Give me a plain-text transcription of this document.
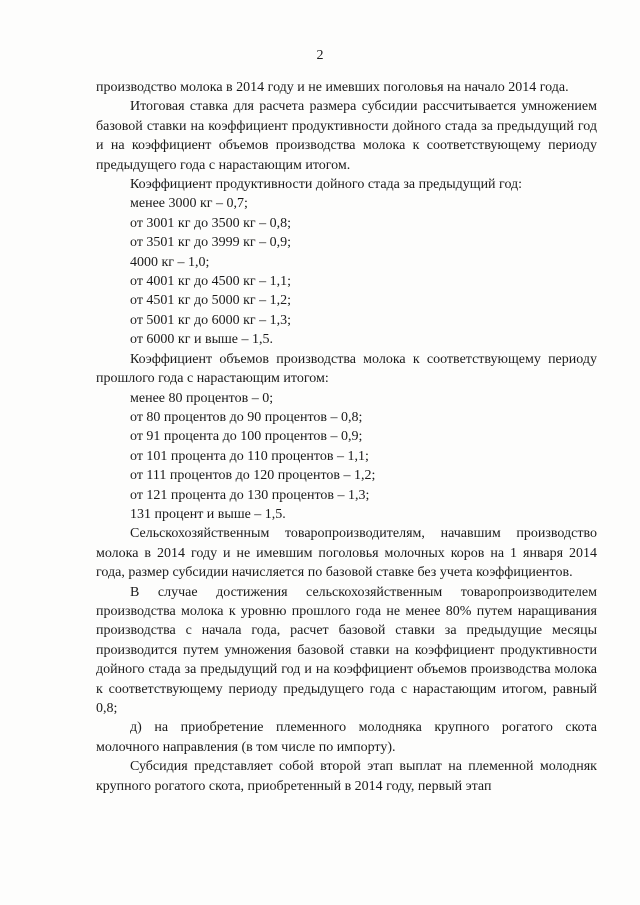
2

производство молока в 2014 году и не имевших поголовья на начало 2014 года.

Итоговая ставка для расчета размера субсидии рассчитывается умножением базовой ставки на коэффициент продуктивности дойного стада за предыдущий год и на коэффициент объемов производства молока к соответствующему периоду предыдущего года с нарастающим итогом.

Коэффициент продуктивности дойного стада за предыдущий год:

менее 3000 кг – 0,7;

от 3001 кг до 3500 кг – 0,8;

от 3501 кг до 3999 кг – 0,9;

4000 кг – 1,0;

от 4001 кг до 4500 кг – 1,1;

от 4501 кг до 5000 кг – 1,2;

от 5001 кг до 6000 кг – 1,3;

от 6000 кг и выше – 1,5.

Коэффициент объемов производства молока к соответствующему периоду прошлого года с нарастающим итогом:

менее 80 процентов – 0;

от 80 процентов до 90 процентов – 0,8;

от 91 процента до 100 процентов – 0,9;

от 101 процента до 110 процентов – 1,1;

от 111 процентов до 120 процентов – 1,2;

от 121 процента до 130 процентов – 1,3;

131 процент и выше – 1,5.

Сельскохозяйственным товаропроизводителям, начавшим производство молока в 2014 году и не имевшим поголовья молочных коров на 1 января 2014 года, размер субсидии начисляется по базовой ставке без учета коэффициентов.

В случае достижения сельскохозяйственным товаропроизводителем производства молока к уровню прошлого года не менее 80% путем наращивания производства с начала года, расчет базовой ставки за предыдущие месяцы производится путем умножения базовой ставки на коэффициент продуктивности дойного стада за предыдущий год и на коэффициент объемов производства молока к соответствующему периоду предыдущего года с нарастающим итогом, равный 0,8;

д) на приобретение племенного молодняка крупного рогатого скота молочного направления (в том числе по импорту).

Субсидия представляет собой второй этап выплат на племенной молодняк крупного рогатого скота, приобретенный в 2014 году, первый этап
